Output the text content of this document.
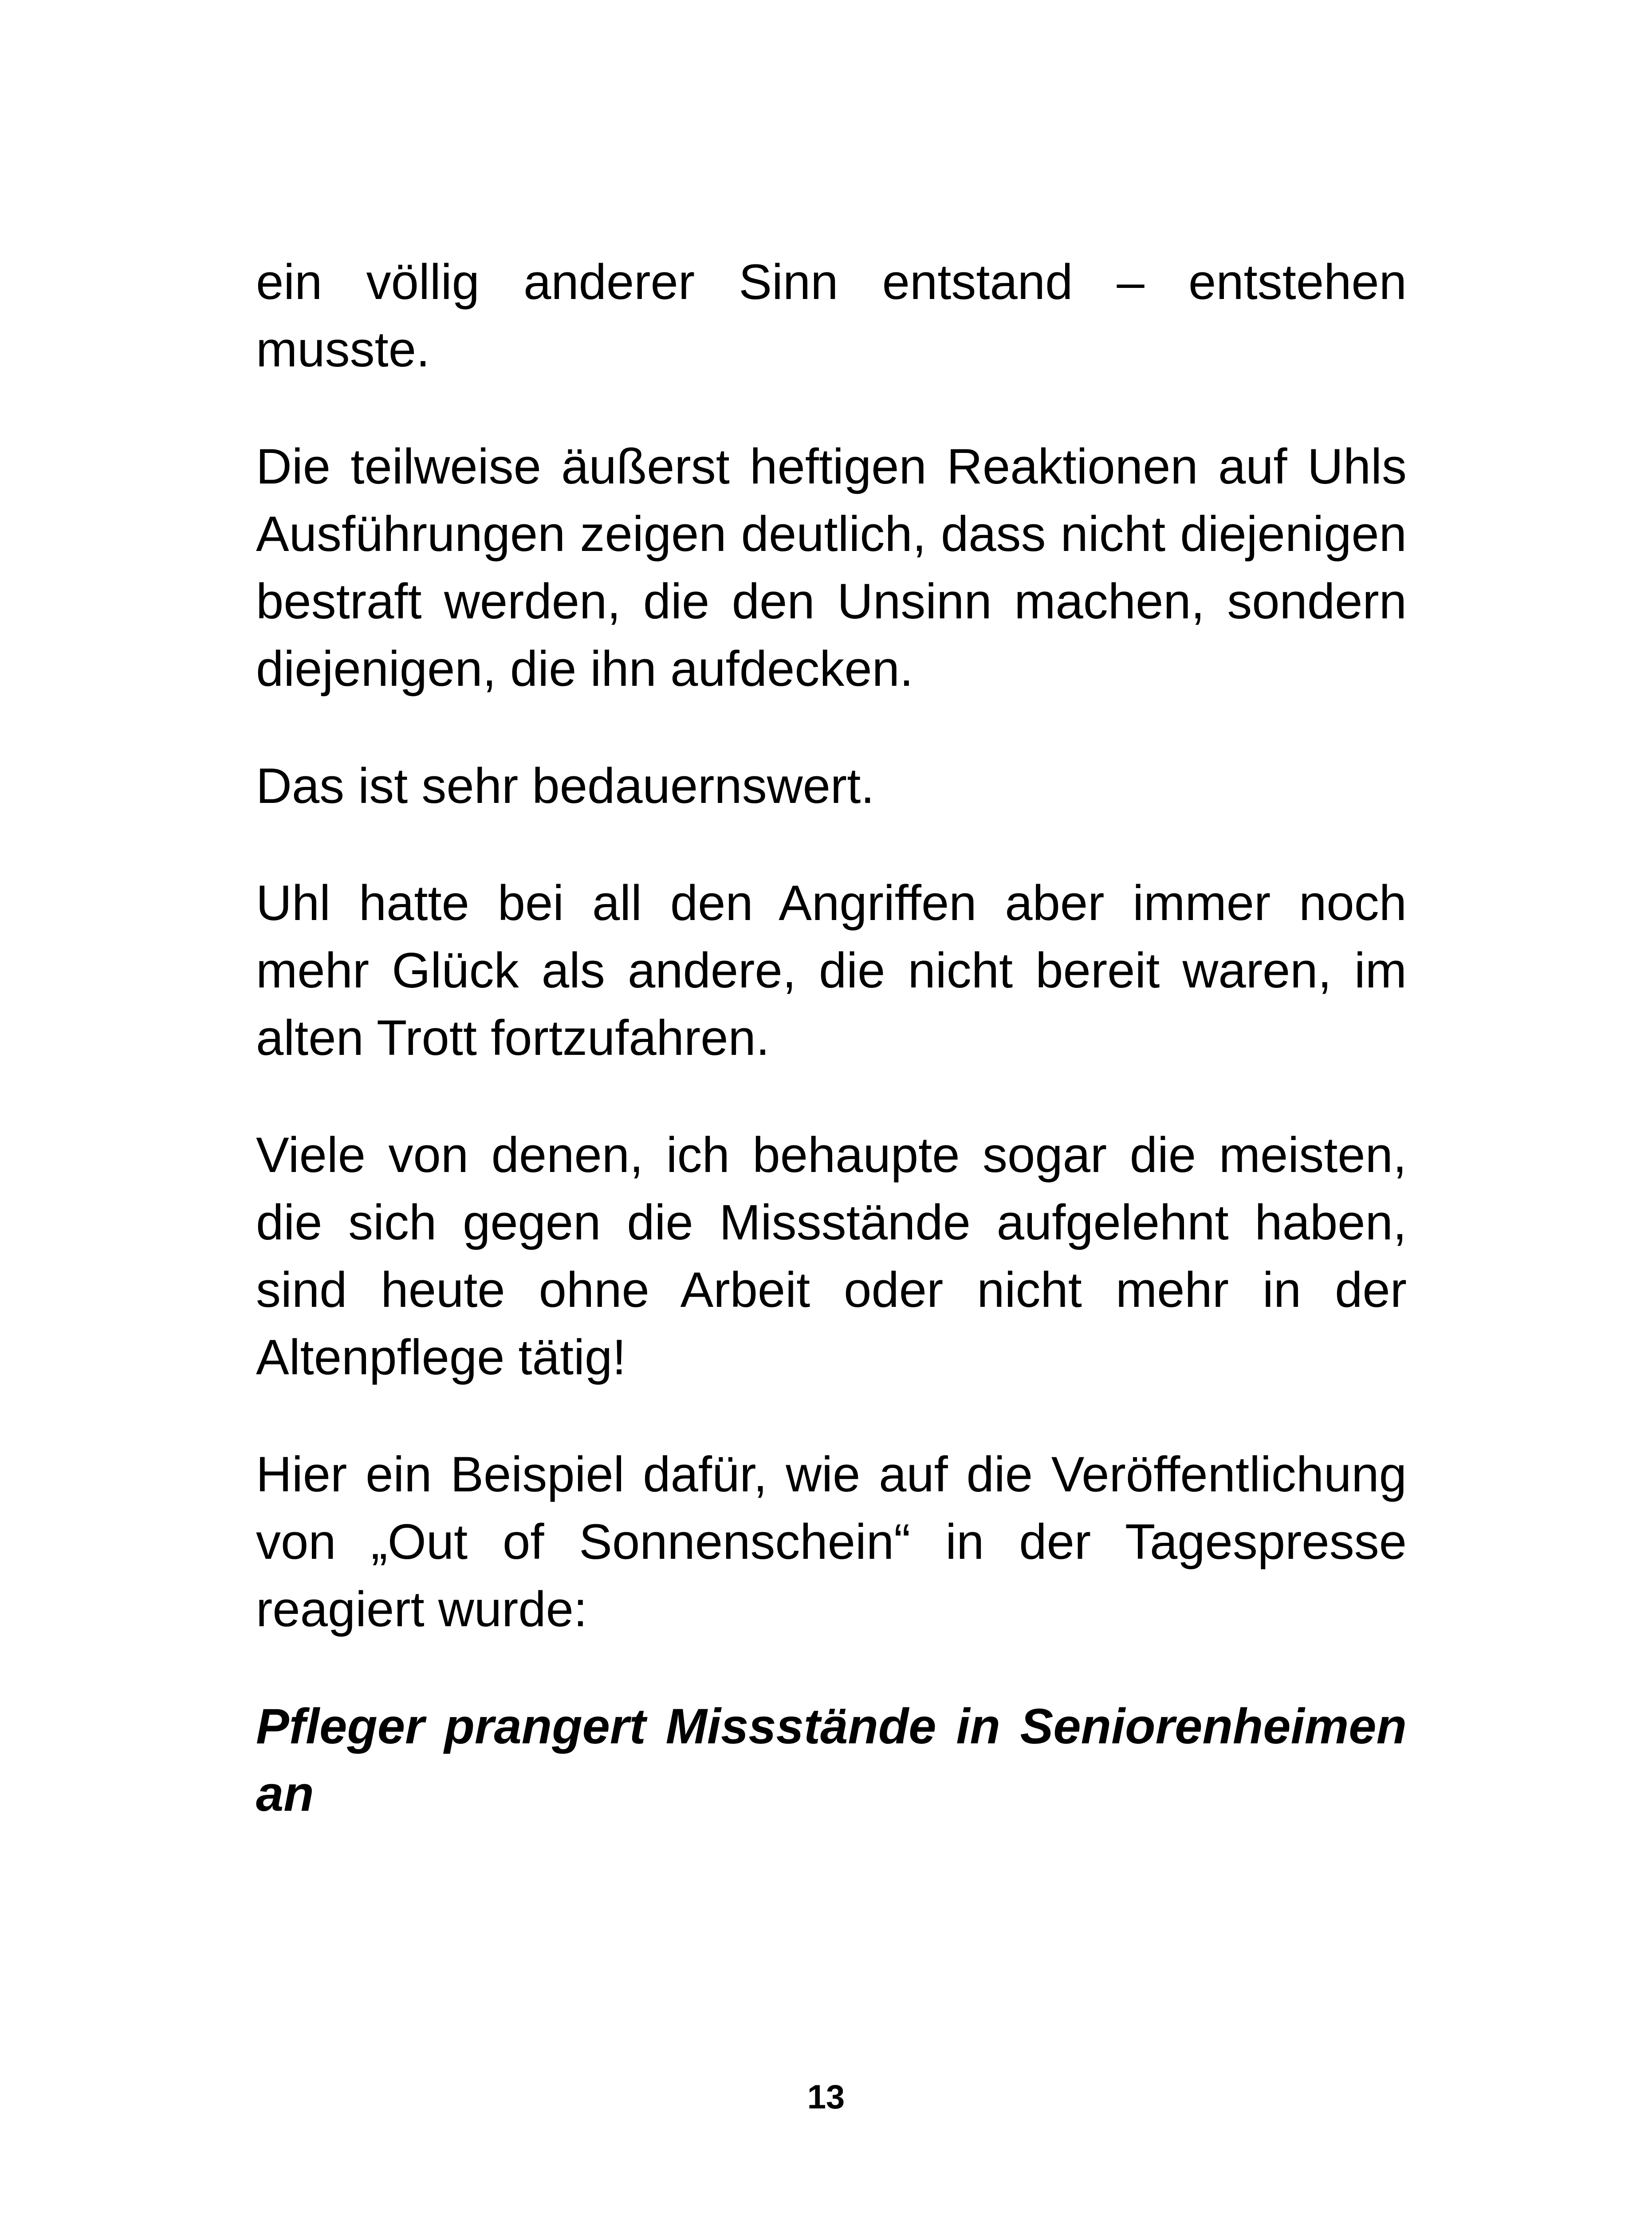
ein völlig anderer Sinn entstand – entstehen musste.

Die teilweise äußerst heftigen Reaktionen auf Uhls Ausführungen zeigen deutlich, dass nicht diejenigen bestraft werden, die den Unsinn machen, sondern diejenigen, die ihn aufdecken.

Das ist sehr bedauernswert.

Uhl hatte bei all den Angriffen aber immer noch mehr Glück als andere, die nicht bereit waren, im alten Trott fortzufahren.

Viele von denen, ich behaupte sogar die meisten, die sich gegen die Missstände aufgelehnt haben, sind heute ohne Arbeit oder nicht mehr in der Altenpflege tätig!

Hier ein Beispiel dafür, wie auf die Veröffentlichung von „Out of Sonnenschein“ in der Tagespresse reagiert wurde:

Pfleger prangert Missstände in Seniorenheimen an

13
